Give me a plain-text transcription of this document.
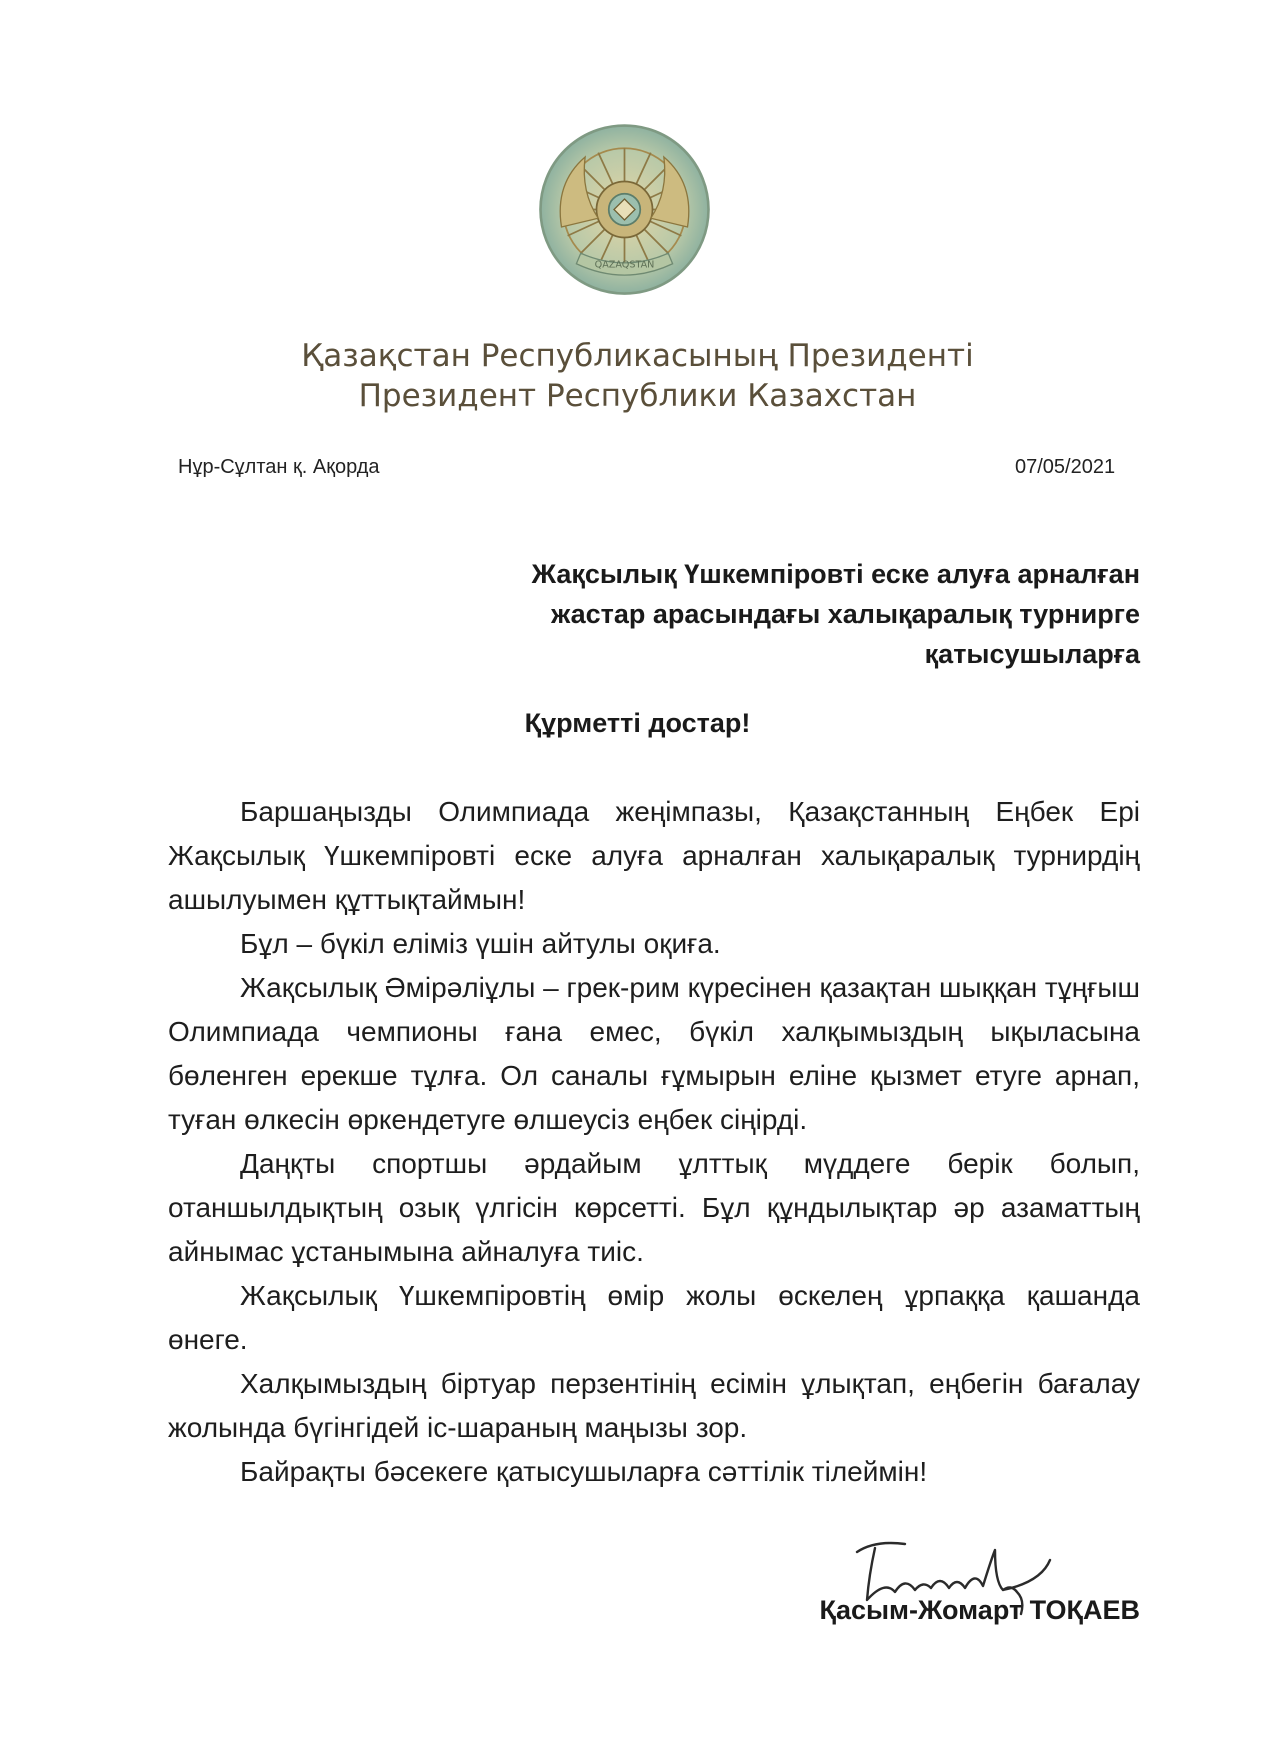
QAZAQSTAN
Қазақстан Республикасының Президенті
Президент Республики Казахстан
Нұр-Сұлтан қ. Ақорда	07/05/2021
Жақсылық Үшкемпіровті еске алуға арналған
жастар арасындағы халықаралық турнирге
қатысушыларға
Құрметті достар!

Баршаңызды Олимпиада жеңімпазы, Қазақстанның Еңбек Ері Жақсылық Үшкемпіровті еске алуға арналған халықаралық турнирдің ашылуымен құттықтаймын!

Бұл – бүкіл еліміз үшін айтулы оқиға.

Жақсылық Әмірәліұлы – грек-рим күресінен қазақтан шыққан тұңғыш Олимпиада чемпионы ғана емес, бүкіл халқымыздың ықыласына бөленген ерекше тұлға. Ол саналы ғұмырын еліне қызмет етуге арнап, туған өлкесін өркендетуге өлшеусіз еңбек сіңірді.

Даңқты спортшы әрдайым ұлттық мүддеге берік болып, отаншылдықтың озық үлгісін көрсетті. Бұл құндылықтар әр азаматтың айнымас ұстанымына айналуға тиіс.

Жақсылық Үшкемпіровтің өмір жолы өскелең ұрпаққа қашанда өнеге.

Халқымыздың біртуар перзентінің есімін ұлықтап, еңбегін бағалау жолында бүгінгідей іс-шараның маңызы зор.

Байрақты бәсекеге қатысушыларға сәттілік тілеймін!

Қасым-Жомарт ТОҚАЕВ
